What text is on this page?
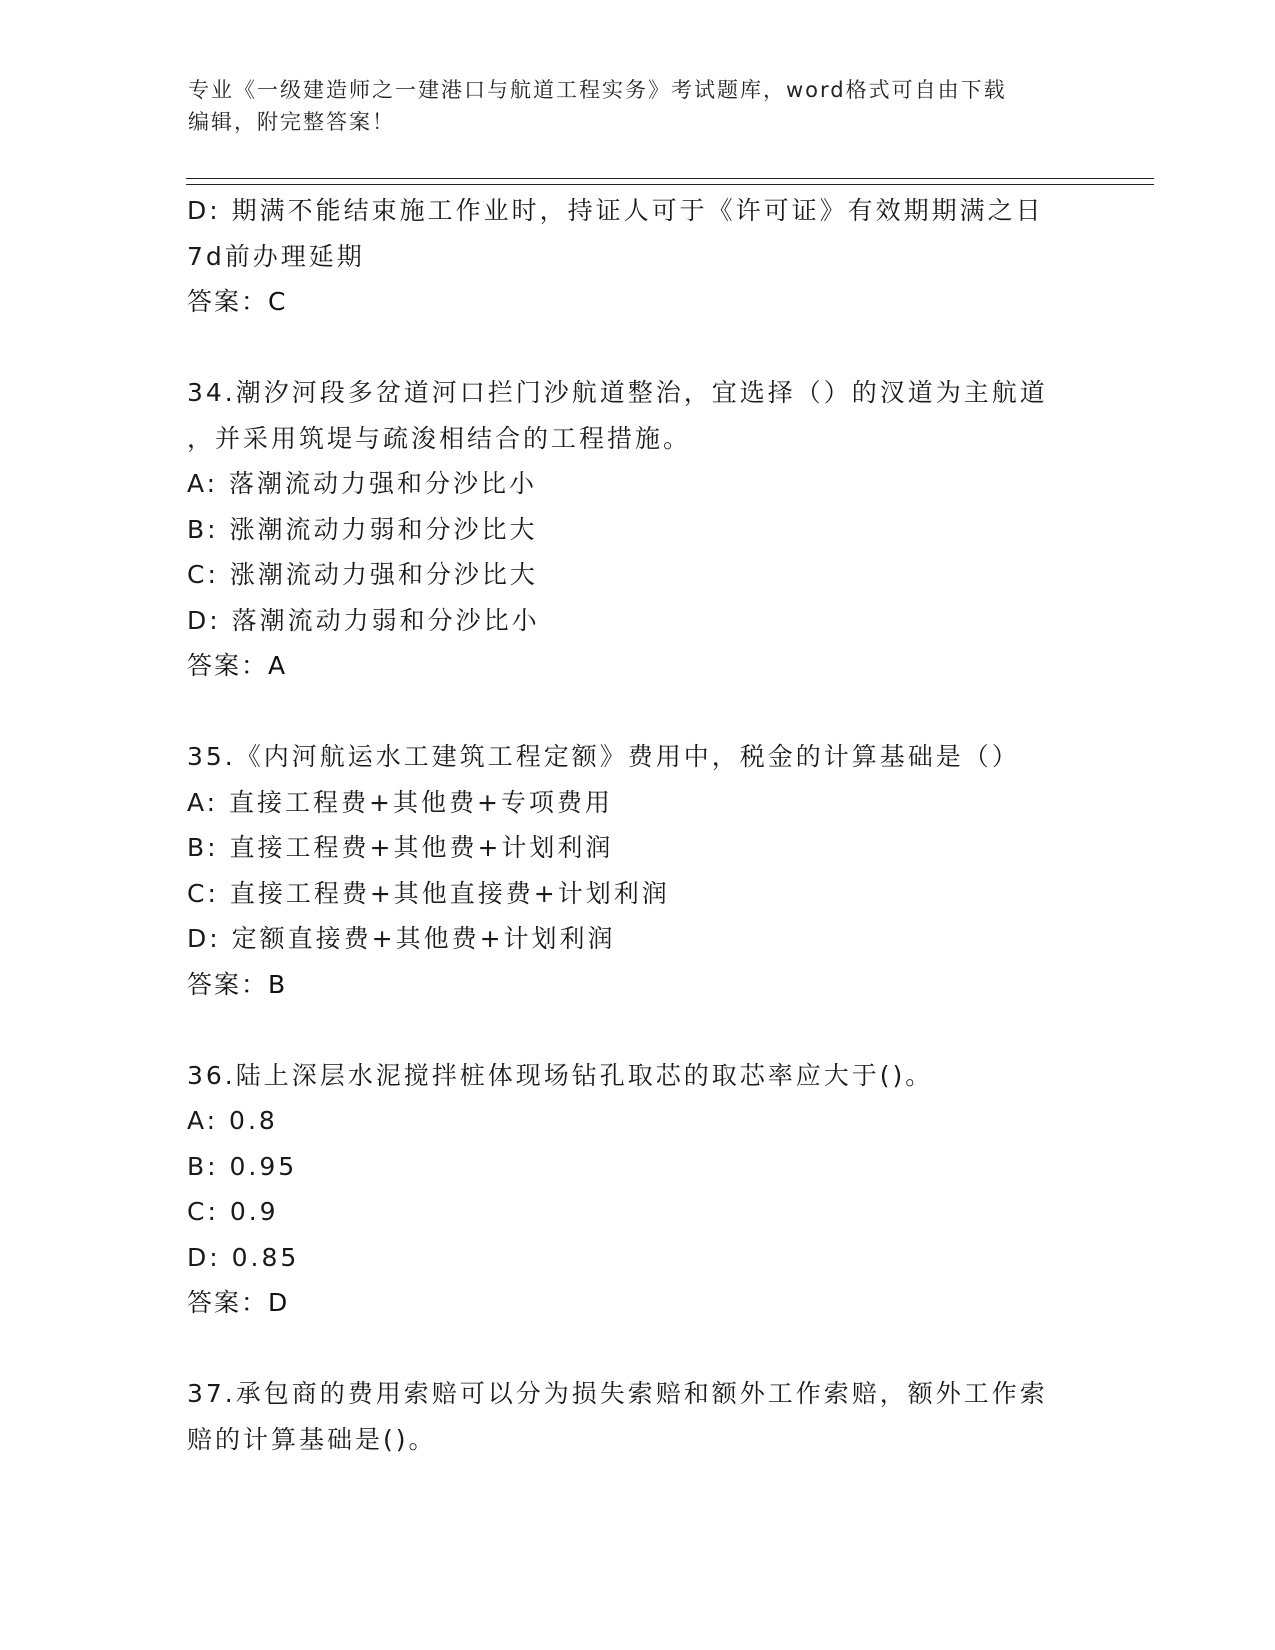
专业《一级建造师之一建港口与航道工程实务》考试题库，word格式可自由下载
编辑，附完整答案！
D: 期满不能结束施工作业时，持证人可于《许可证》有效期期满之日
7d前办理延期
答案：C
34.潮汐河段多岔道河口拦门沙航道整治，宜选择（）的汊道为主航道
，并采用筑堤与疏浚相结合的工程措施。
A: 落潮流动力强和分沙比小
B: 涨潮流动力弱和分沙比大
C: 涨潮流动力强和分沙比大
D: 落潮流动力弱和分沙比小
答案：A
35.《内河航运水工建筑工程定额》费用中，税金的计算基础是（）
A: 直接工程费+其他费+专项费用
B: 直接工程费+其他费+计划利润
C: 直接工程费+其他直接费+计划利润
D: 定额直接费+其他费+计划利润
答案：B
36.陆上深层水泥搅拌桩体现场钻孔取芯的取芯率应大于()。
A: 0.8
B: 0.95
C: 0.9
D: 0.85
答案：D
37.承包商的费用索赔可以分为损失索赔和额外工作索赔，额外工作索
赔的计算基础是()。
